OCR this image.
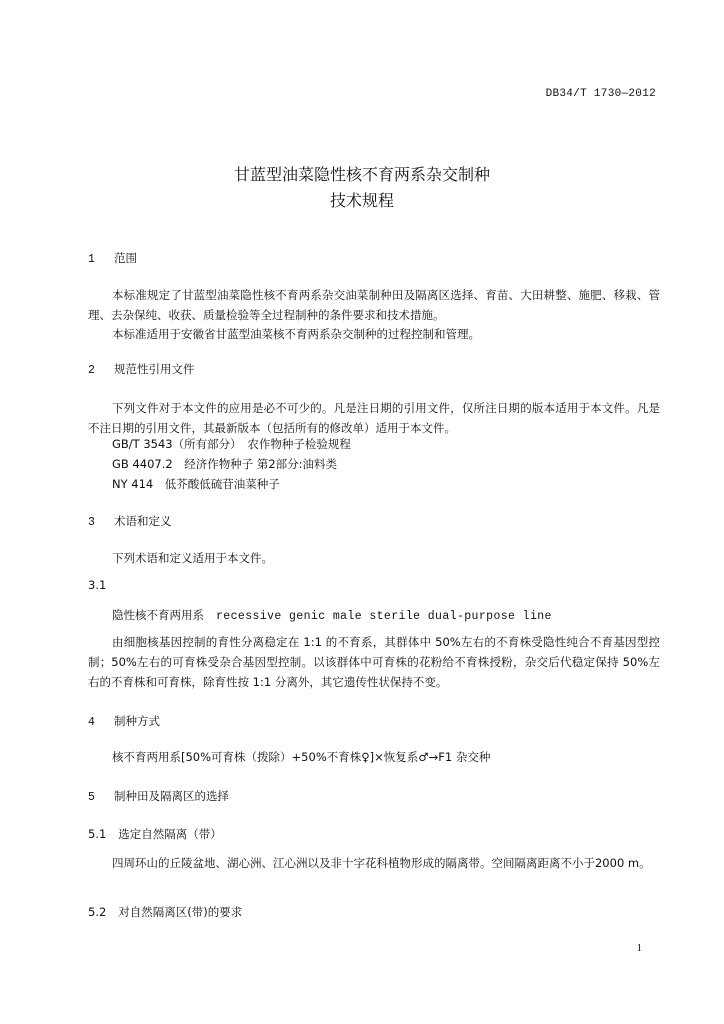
DB34/T 1730—2012
甘蓝型油菜隐性核不育两系杂交制种
技术规程
1 范围

本标准规定了甘蓝型油菜隐性核不育两系杂交油菜制种田及隔离区选择、育苗、大田耕整、施肥、移栽、管理、去杂保纯、收获、质量检验等全过程制种的条件要求和技术措施。

本标准适用于安徽省甘蓝型油菜核不育两系杂交制种的过程控制和管理。

2 规范性引用文件

下列文件对于本文件的应用是必不可少的。凡是注日期的引用文件，仅所注日期的版本适用于本文件。凡是不注日期的引用文件，其最新版本（包括所有的修改单）适用于本文件。

GB/T 3543（所有部分）　农作物种子检验规程
GB 4407.2　经济作物种子 第2部分:油料类
NY 414　低芥酸低硫苷油菜种子
3 术语和定义

下列术语和定义适用于本文件。

3.1
隐性核不育两用系 recessive genic male sterile dual-purpose line

由细胞核基因控制的育性分离稳定在 1:1 的不育系，其群体中 50%左右的不育株受隐性纯合不育基因型控制；50%左右的可育株受杂合基因型控制。以该群体中可育株的花粉给不育株授粉，杂交后代稳定保持 50%左右的不育株和可育株，除育性按 1:1 分离外，其它遗传性状保持不变。

4 制种方式
核不育两用系[50%可育株（拨除）+50%不育株♀]×恢复系♂→F1 杂交种
5 制种田及隔离区的选择
5.1 选定自然隔离（带）

四周环山的丘陵盆地、湖心洲、江心洲以及非十字花科植物形成的隔离带。空间隔离距离不小于2000 m。

5.2 对自然隔离区(带)的要求
1
